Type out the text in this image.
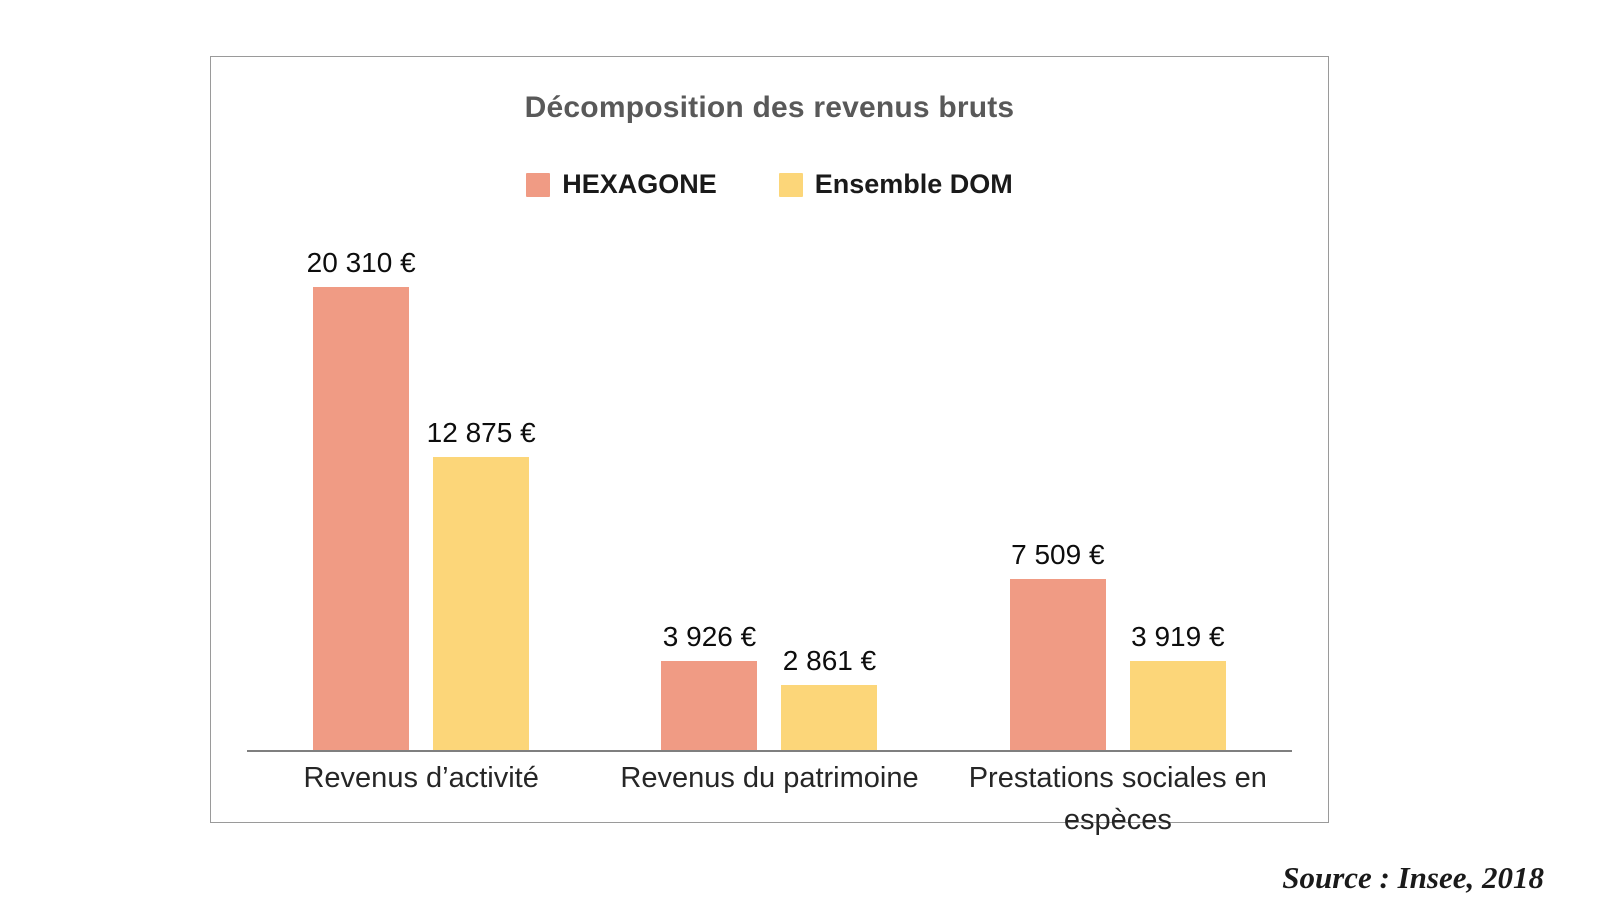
Décomposition des revenus bruts
HEXAGONE	Ensemble DOM
20 310 €
12 875 €
3 926 €
2 861 €
7 509 €
3 919 €
Revenus d’activité	Revenus du patrimoine	Prestations sociales en espèces
Source : Insee, 2018
